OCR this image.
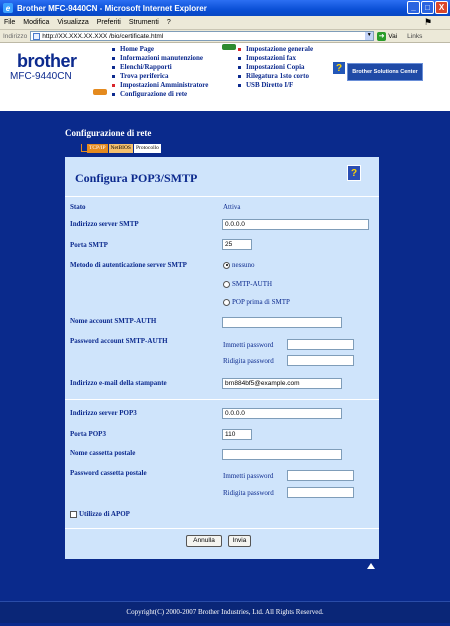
e Brother MFC-9440CN - Microsoft Internet Explorer	_	□	X
File Modifica Visualizza Preferiti Strumenti ?	⚑
Indirizzo http://XX.XXX.XX.XXX /bio/certificate.html	▼ ➜ Vai Links
brother
MFC-9440CN
Home Page
Informazioni manutenzione
Elenchi/Rapporti
Trova periferica
Impostazioni Amministratore
Configurazione di rete
Impostazione generale
Impostazioni fax
Impostazioni Copia
Rilegatura 1sto corto
USB Diretto I/F
?	Brother Solutions Center
Configurazione di rete
TCP/IP NetBIOS Protocollo
Configura POP3/SMTP	?
Stato	Attiva
Indirizzo server SMTP	0.0.0.0
Porta SMTP	25
Metodo di autenticazione server SMTP	nessuno
SMTP-AUTH
POP prima di SMTP
Nome account SMTP-AUTH
Password account SMTP-AUTH	Immetti password
Ridigita password
Indirizzo e-mail della stampante	brn884bf5@example.com
Indirizzo server POP3	0.0.0.0
Porta POP3	110
Nome cassetta postale
Password cassetta postale	Immetti password
Ridigita password
Utilizzo di APOP
Annulla	Invia
Copyright(C) 2000-2007 Brother Industries, Ltd. All Rights Reserved.
